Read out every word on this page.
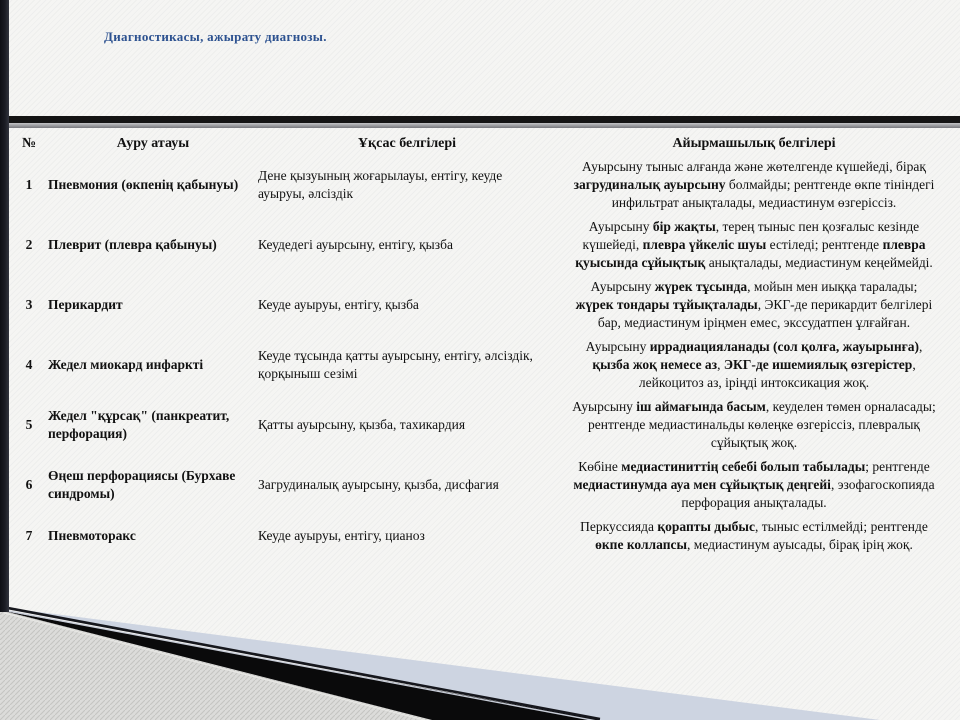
Диагностикасы, ажырату диагнозы.
№	Ауру атауы	Ұқсас белгілері	Айырмашылық белгілері
1	Пневмония (өкпенің қабынуы)	Дене қызуының жоғарылауы, ентігу, кеуде ауыруы, әлсіздік	Ауырсыну тыныс алғанда және жөтелгенде күшейеді, бірақ загрудиналық ауырсыну болмайды; рентгенде өкпе тініндегі инфильтрат анықталады, медиастинум өзгеріссіз.
2	Плеврит (плевра қабынуы)	Кеудедегі ауырсыну, ентігу, қызба	Ауырсыну бір жақты, терең тыныс пен қозғалыс кезінде күшейеді, плевра үйкеліс шуы естіледі; рентгенде плевра қуысында сұйықтық анықталады, медиастинум кеңеймейді.
3	Перикардит	Кеуде ауыруы, ентігу, қызба	Ауырсыну жүрек тұсында, мойын мен иыққа таралады; жүрек тондары тұйықталады, ЭКГ-де перикардит белгілері бар, медиастинум іріңмен емес, экссудатпен ұлғайған.
4	Жедел миокард инфаркті	Кеуде тұсында қатты ауырсыну, ентігу, әлсіздік, қорқыныш сезімі	Ауырсыну иррадиацияланады (сол қолға, жауырынға), қызба жоқ немесе аз, ЭКГ-де ишемиялық өзгерістер, лейкоцитоз аз, іріңді интоксикация жоқ.
5	Жедел "құрсақ" (панкреатит, перфорация)	Қатты ауырсыну, қызба, тахикардия	Ауырсыну іш аймағында басым, кеуделен төмен орналасады; рентгенде медиастинальды көлеңке өзгеріссіз, плевралық сұйықтық жоқ.
6	Өңеш перфорациясы (Бурхаве синдромы)	Загрудиналық ауырсыну, қызба, дисфагия	Көбіне медиастиниттің себебі болып табылады; рентгенде медиастинумда ауа мен сұйықтық деңгейі, эзофагоскопияда перфорация анықталады.
7	Пневмоторакс	Кеуде ауыруы, ентігу, цианоз	Перкуссияда қорапты дыбыс, тыныс естілмейді; рентгенде өкпе коллапсы, медиастинум ауысады, бірақ ірің жоқ.
